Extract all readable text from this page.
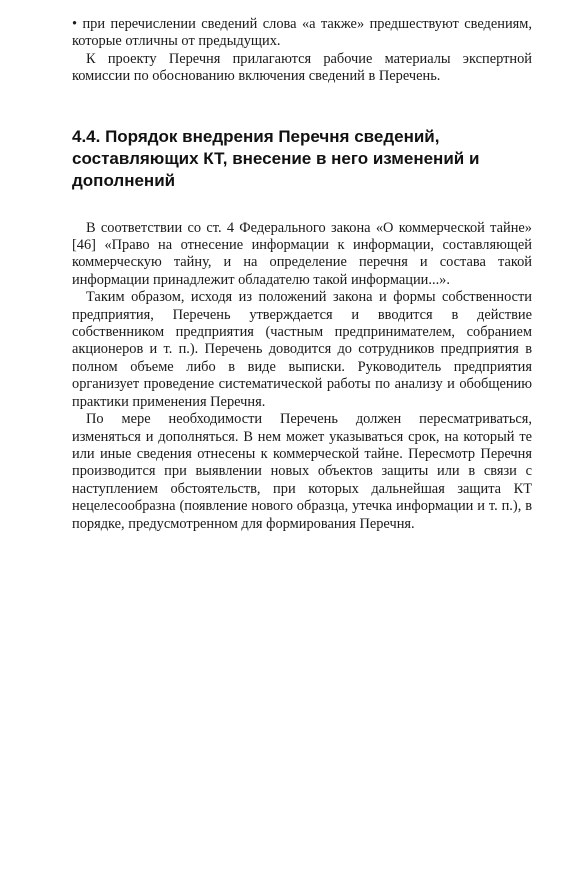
• при перечислении сведений слова «а также» предшествуют сведениям, которые отличны от предыдущих.

К проекту Перечня прилагаются рабочие материалы экспертной комиссии по обоснованию включения сведений в Перечень.

4.4. Порядок внедрения Перечня сведений, составляющих КТ, внесение в него изменений и дополнений

В соответствии со ст. 4 Федерального закона «О коммерческой тайне» [46] «Право на отнесение информации к информации, составляющей коммерческую тайну, и на определение перечня и состава такой информации принадлежит обладателю такой информации...».

Таким образом, исходя из положений закона и формы собственности предприятия, Перечень утверждается и вводится в действие собственником предприятия (частным предпринимателем, собранием акционеров и т. п.). Перечень доводится до сотрудников предприятия в полном объеме либо в виде выписки. Руководитель предприятия организует проведение систематической работы по анализу и обобщению практики применения Перечня.

По мере необходимости Перечень должен пересматриваться, изменяться и дополняться. В нем может указываться срок, на который те или иные сведения отнесены к коммерческой тайне. Пересмотр Перечня производится при выявлении новых объектов защиты или в связи с наступлением обстоятельств, при которых дальнейшая защита КТ нецелесообразна (появление нового образца, утечка информации и т. п.), в порядке, предусмотренном для формирования Перечня.
